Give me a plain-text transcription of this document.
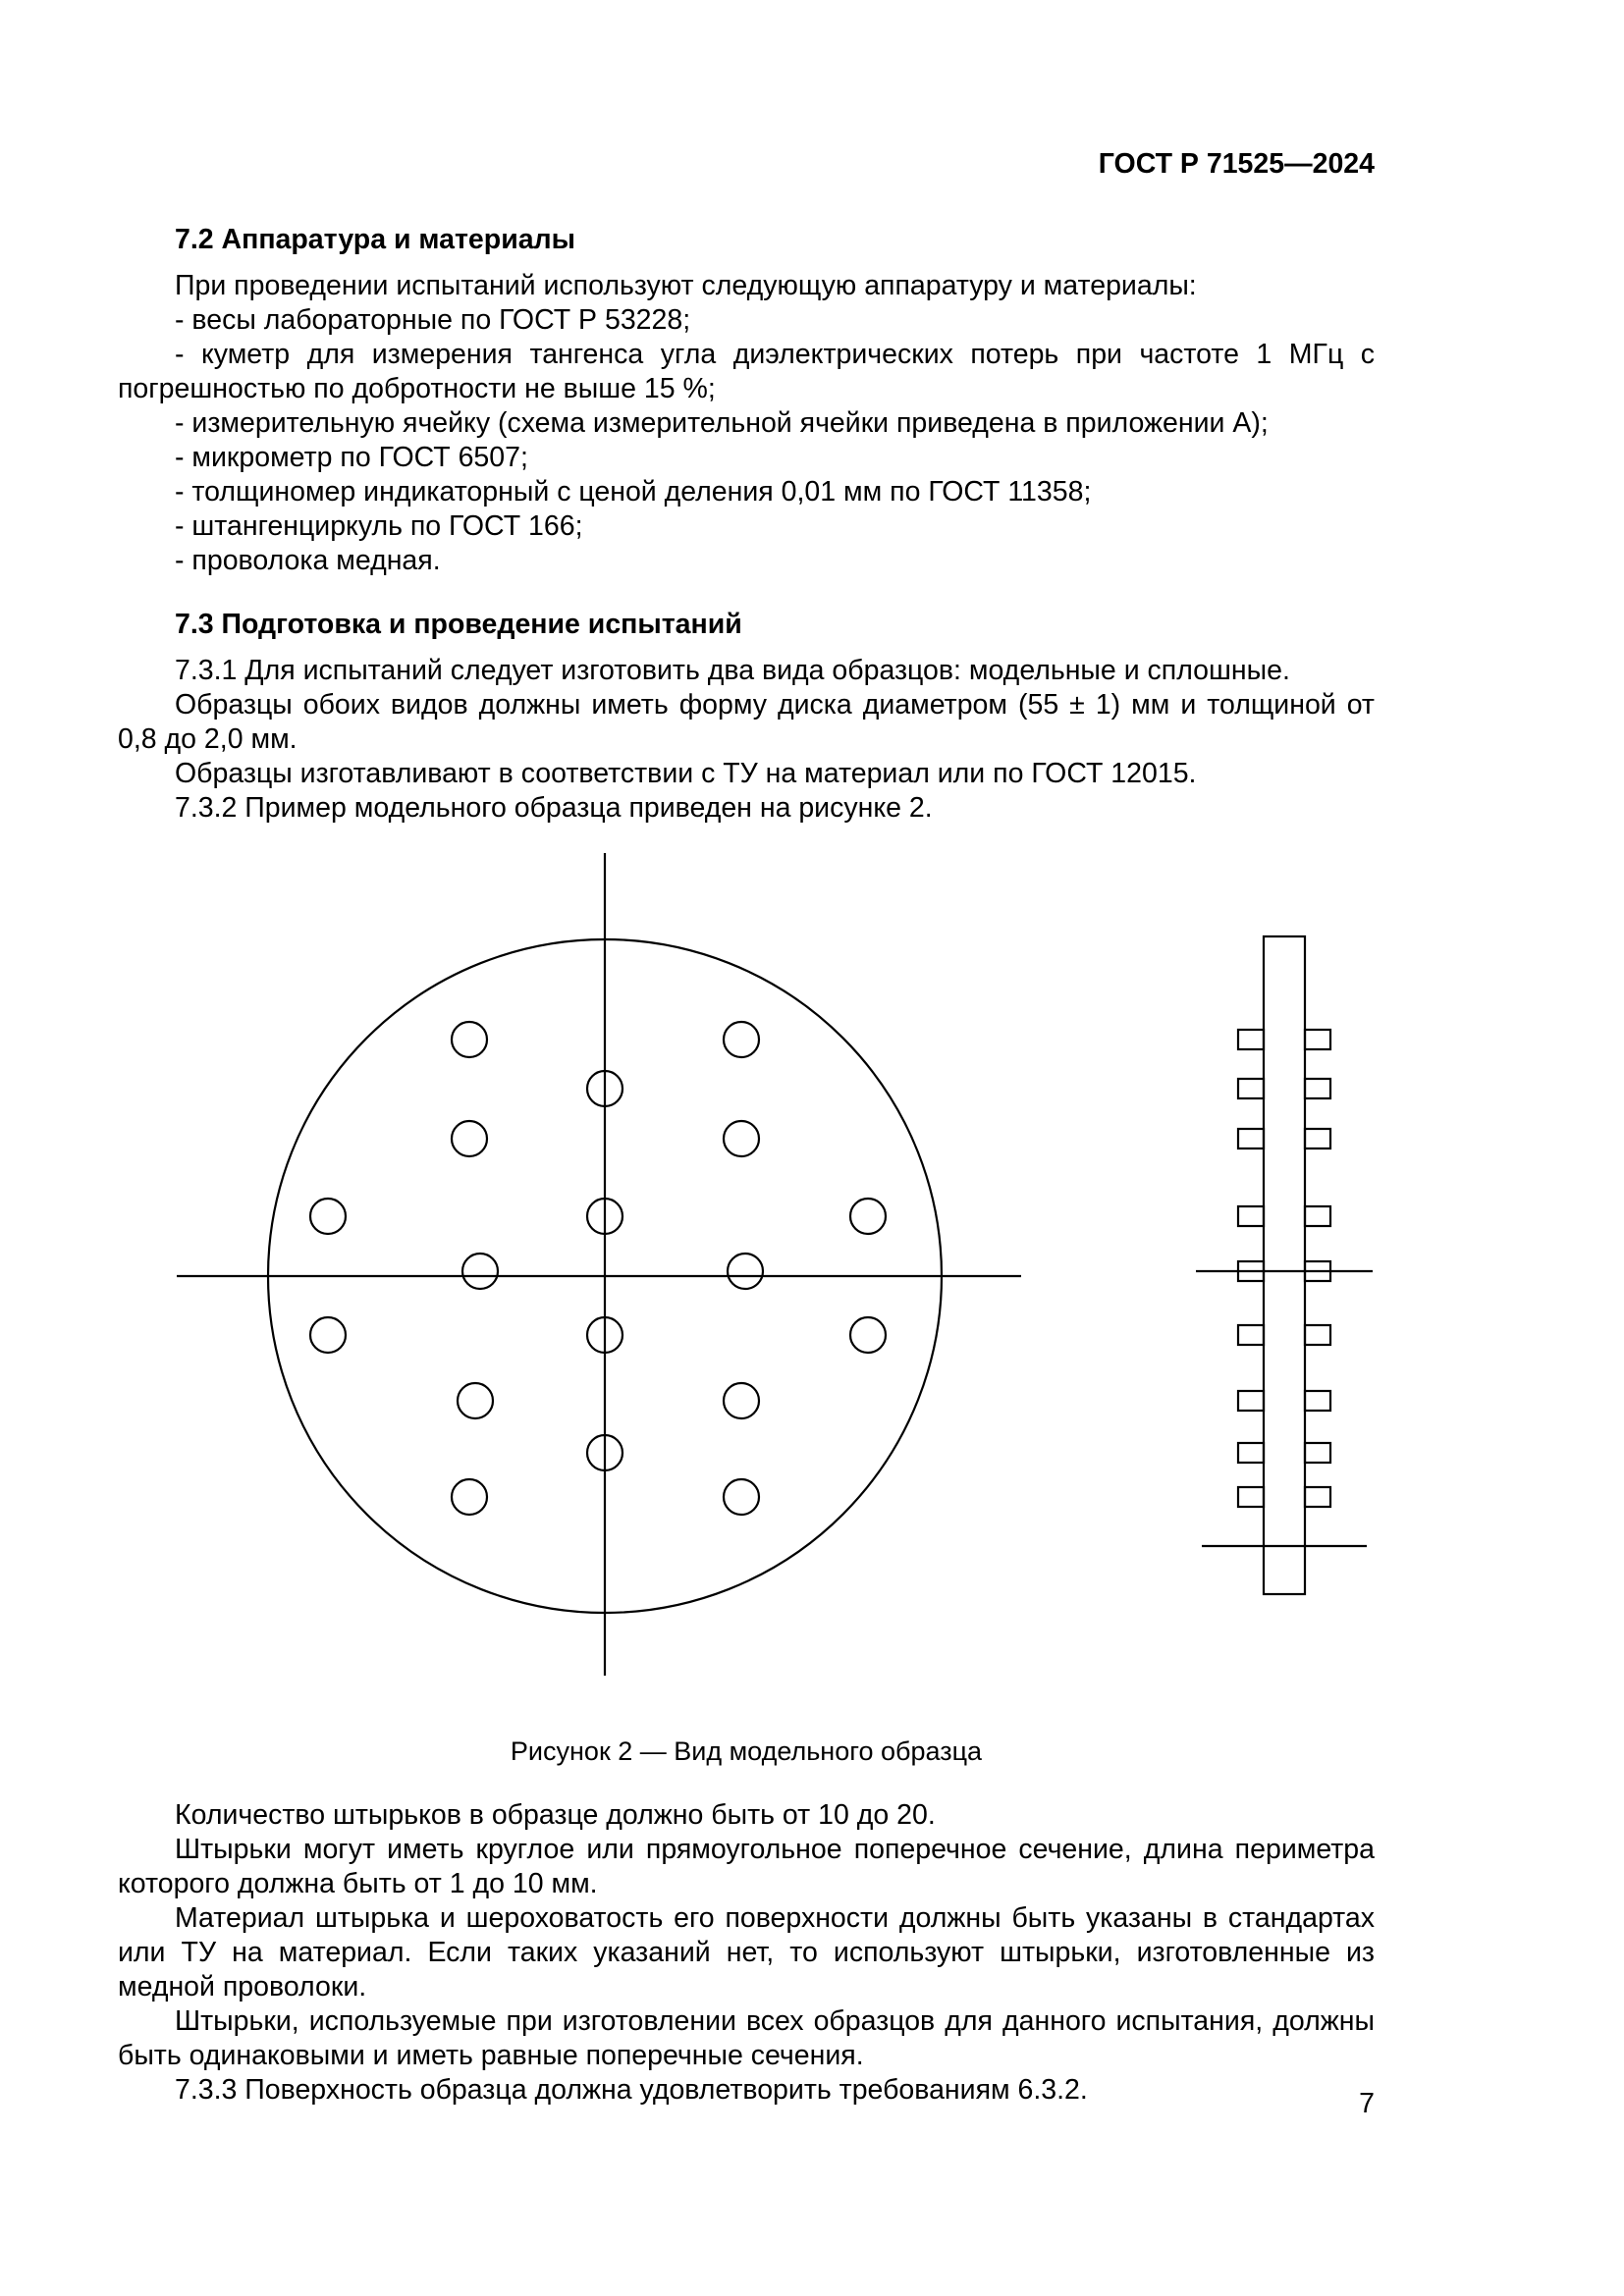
ГОСТ Р 71525—2024
7.2 Аппаратура и материалы

При проведении испытаний используют следующую аппаратуру и материалы:

- весы лабораторные по ГОСТ Р 53228;

- куметр для измерения тангенса угла диэлектрических потерь при частоте 1 МГц с погрешностью по добротности не выше 15 %;

- измерительную ячейку (схема измерительной ячейки приведена в приложении А);

- микрометр по ГОСТ 6507;

- толщиномер индикаторный с ценой деления 0,01 мм по ГОСТ 11358;

- штангенциркуль по ГОСТ 166;

- проволока медная.

7.3 Подготовка и проведение испытаний

7.3.1 Для испытаний следует изготовить два вида образцов: модельные и сплошные.

Образцы обоих видов должны иметь форму диска диаметром (55 ± 1) мм и толщиной от 0,8 до 2,0 мм.

Образцы изготавливают в соответствии с ТУ на материал или по ГОСТ 12015.

7.3.2 Пример модельного образца приведен на рисунке 2.

Рисунок 2 — Вид модельного образца

Количество штырьков в образце должно быть от 10 до 20.

Штырьки могут иметь круглое или прямоугольное поперечное сечение, длина периметра которого должна быть от 1 до 10 мм.

Материал штырька и шероховатость его поверхности должны быть указаны в стандартах или ТУ на материал. Если таких указаний нет, то используют штырьки, изготовленные из медной проволоки.

Штырьки, используемые при изготовлении всех образцов для данного испытания, должны быть одинаковыми и иметь равные поперечные сечения.

7.3.3 Поверхность образца должна удовлетворить требованиям 6.3.2.	7
